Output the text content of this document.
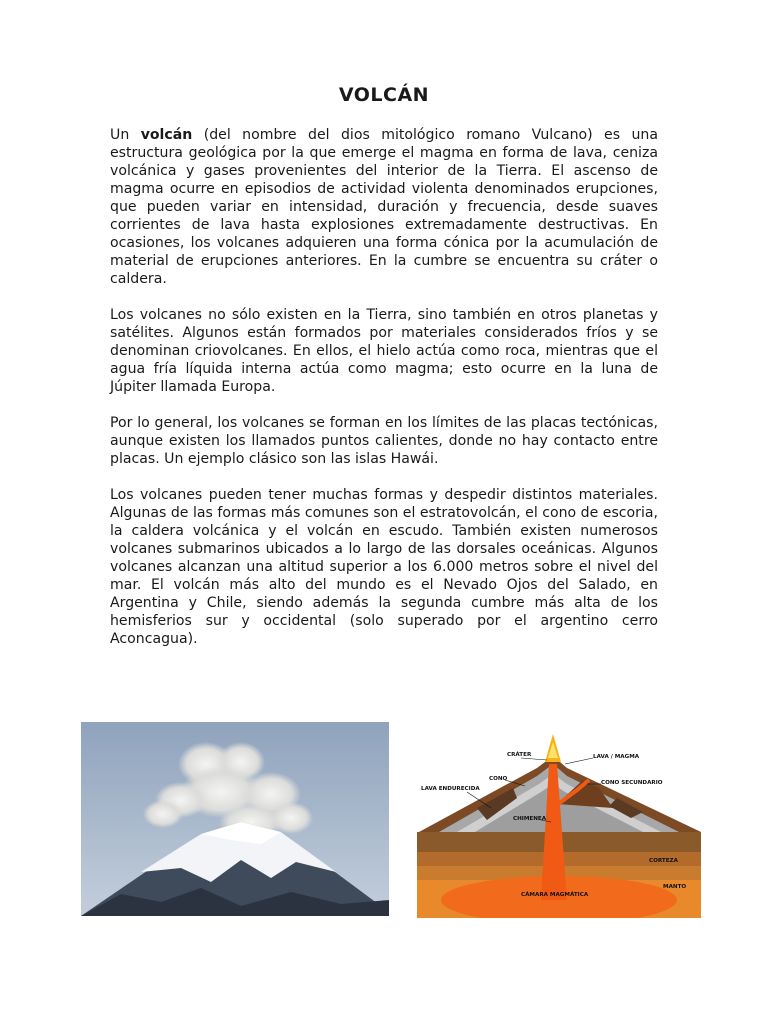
VOLCÁN

Un volcán (del nombre del dios mitológico romano Vulcano) es una estructura geológica por la que emerge el magma en forma de lava, ceniza volcánica y gases provenientes del interior de la Tierra. El ascenso de magma ocurre en episodios de actividad violenta denominados erupciones, que pueden variar en intensidad, duración y frecuencia, desde suaves corrientes de lava hasta explosiones extremadamente destructivas. En ocasiones, los volcanes adquieren una forma cónica por la acumulación de material de erupciones anteriores. En la cumbre se encuentra su cráter o caldera.

Los volcanes no sólo existen en la Tierra, sino también en otros planetas y satélites. Algunos están formados por materiales considerados fríos y se denominan criovolcanes. En ellos, el hielo actúa como roca, mientras que el agua fría líquida interna actúa como magma; esto ocurre en la luna de Júpiter llamada Europa.

Por lo general, los volcanes se forman en los límites de las placas tectónicas, aunque existen los llamados puntos calientes, donde no hay contacto entre placas. Un ejemplo clásico son las islas Hawái.

Los volcanes pueden tener muchas formas y despedir distintos materiales. Algunas de las formas más comunes son el estratovolcán, el cono de escoria, la caldera volcánica y el volcán en escudo. También existen numerosos volcanes submarinos ubicados a lo largo de las dorsales oceánicas. Algunos volcanes alcanzan una altitud superior a los 6.000 metros sobre el nivel del mar. El volcán más alto del mundo es el Nevado Ojos del Salado, en Argentina y Chile, siendo además la segunda cumbre más alta de los hemisferios sur y occidental (solo superado por el argentino cerro Aconcagua).

CRÁTER	LAVA / MAGMA
CONO
CONO SECUNDARIO
LAVA ENDURECIDA
CHIMENEA
CORTEZA
CÁMARA MAGMÁTICA
MANTO
